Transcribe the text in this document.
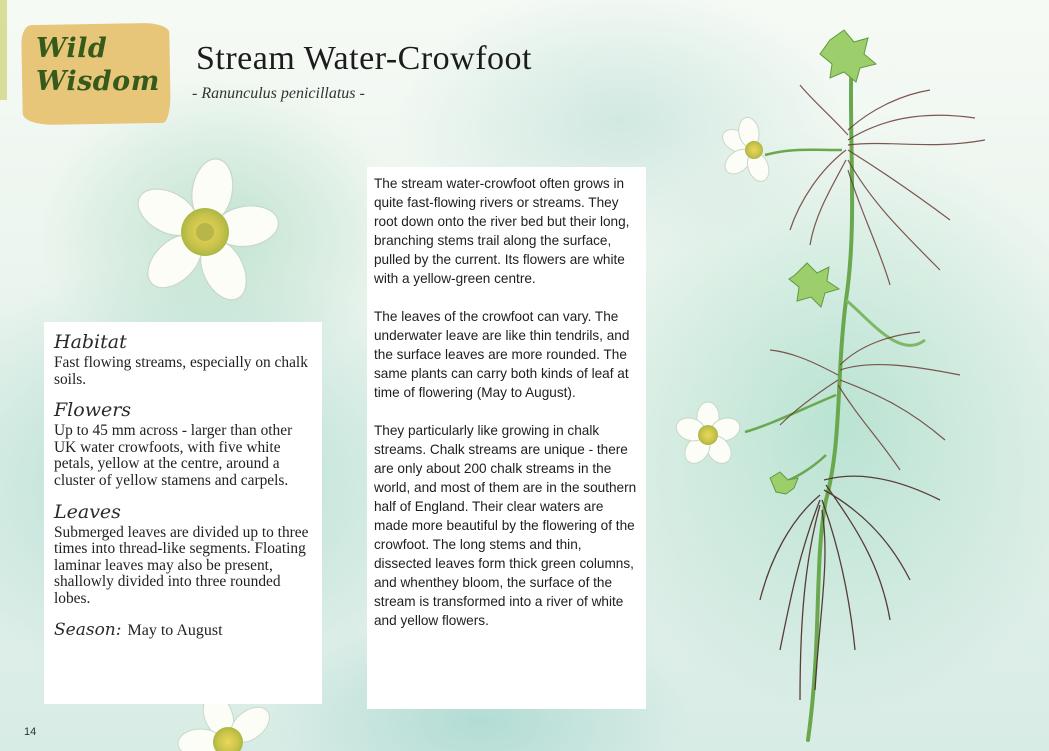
Wild
Wisdom
Stream Water-Crowfoot
- Ranunculus penicillatus -
Habitat

Fast flowing streams, especially on chalk soils.

Flowers

Up to 45 mm across - larger than other UK water crowfoots, with five white petals, yellow at the centre, around a cluster of yellow stamens and carpels.

Leaves

Submerged leaves are divided up to three times into thread-like segments. Floating laminar leaves may also be present, shallowly divided into three rounded lobes.

Season: May to August

The stream water-crowfoot often grows in quite fast-flowing rivers or streams. They root down onto the river bed but their long, branching stems trail along the surface, pulled by the current. Its flowers are white with a yellow-green centre.

The leaves of the crowfoot can vary. The underwater leave are like thin tendrils, and the surface leaves are more rounded. The same plants can carry both kinds of leaf at time of flowering (May to August).

They particularly like growing in chalk streams. Chalk streams are unique - there are only about 200 chalk streams in the world, and most of them are in the southern half of England. Their clear waters are made more beautiful by the flowering of the crowfoot. The long stems and thin, dissected leaves form thick green columns, and whenthey bloom, the surface of the stream is transformed into a river of white and yellow flowers.

14
